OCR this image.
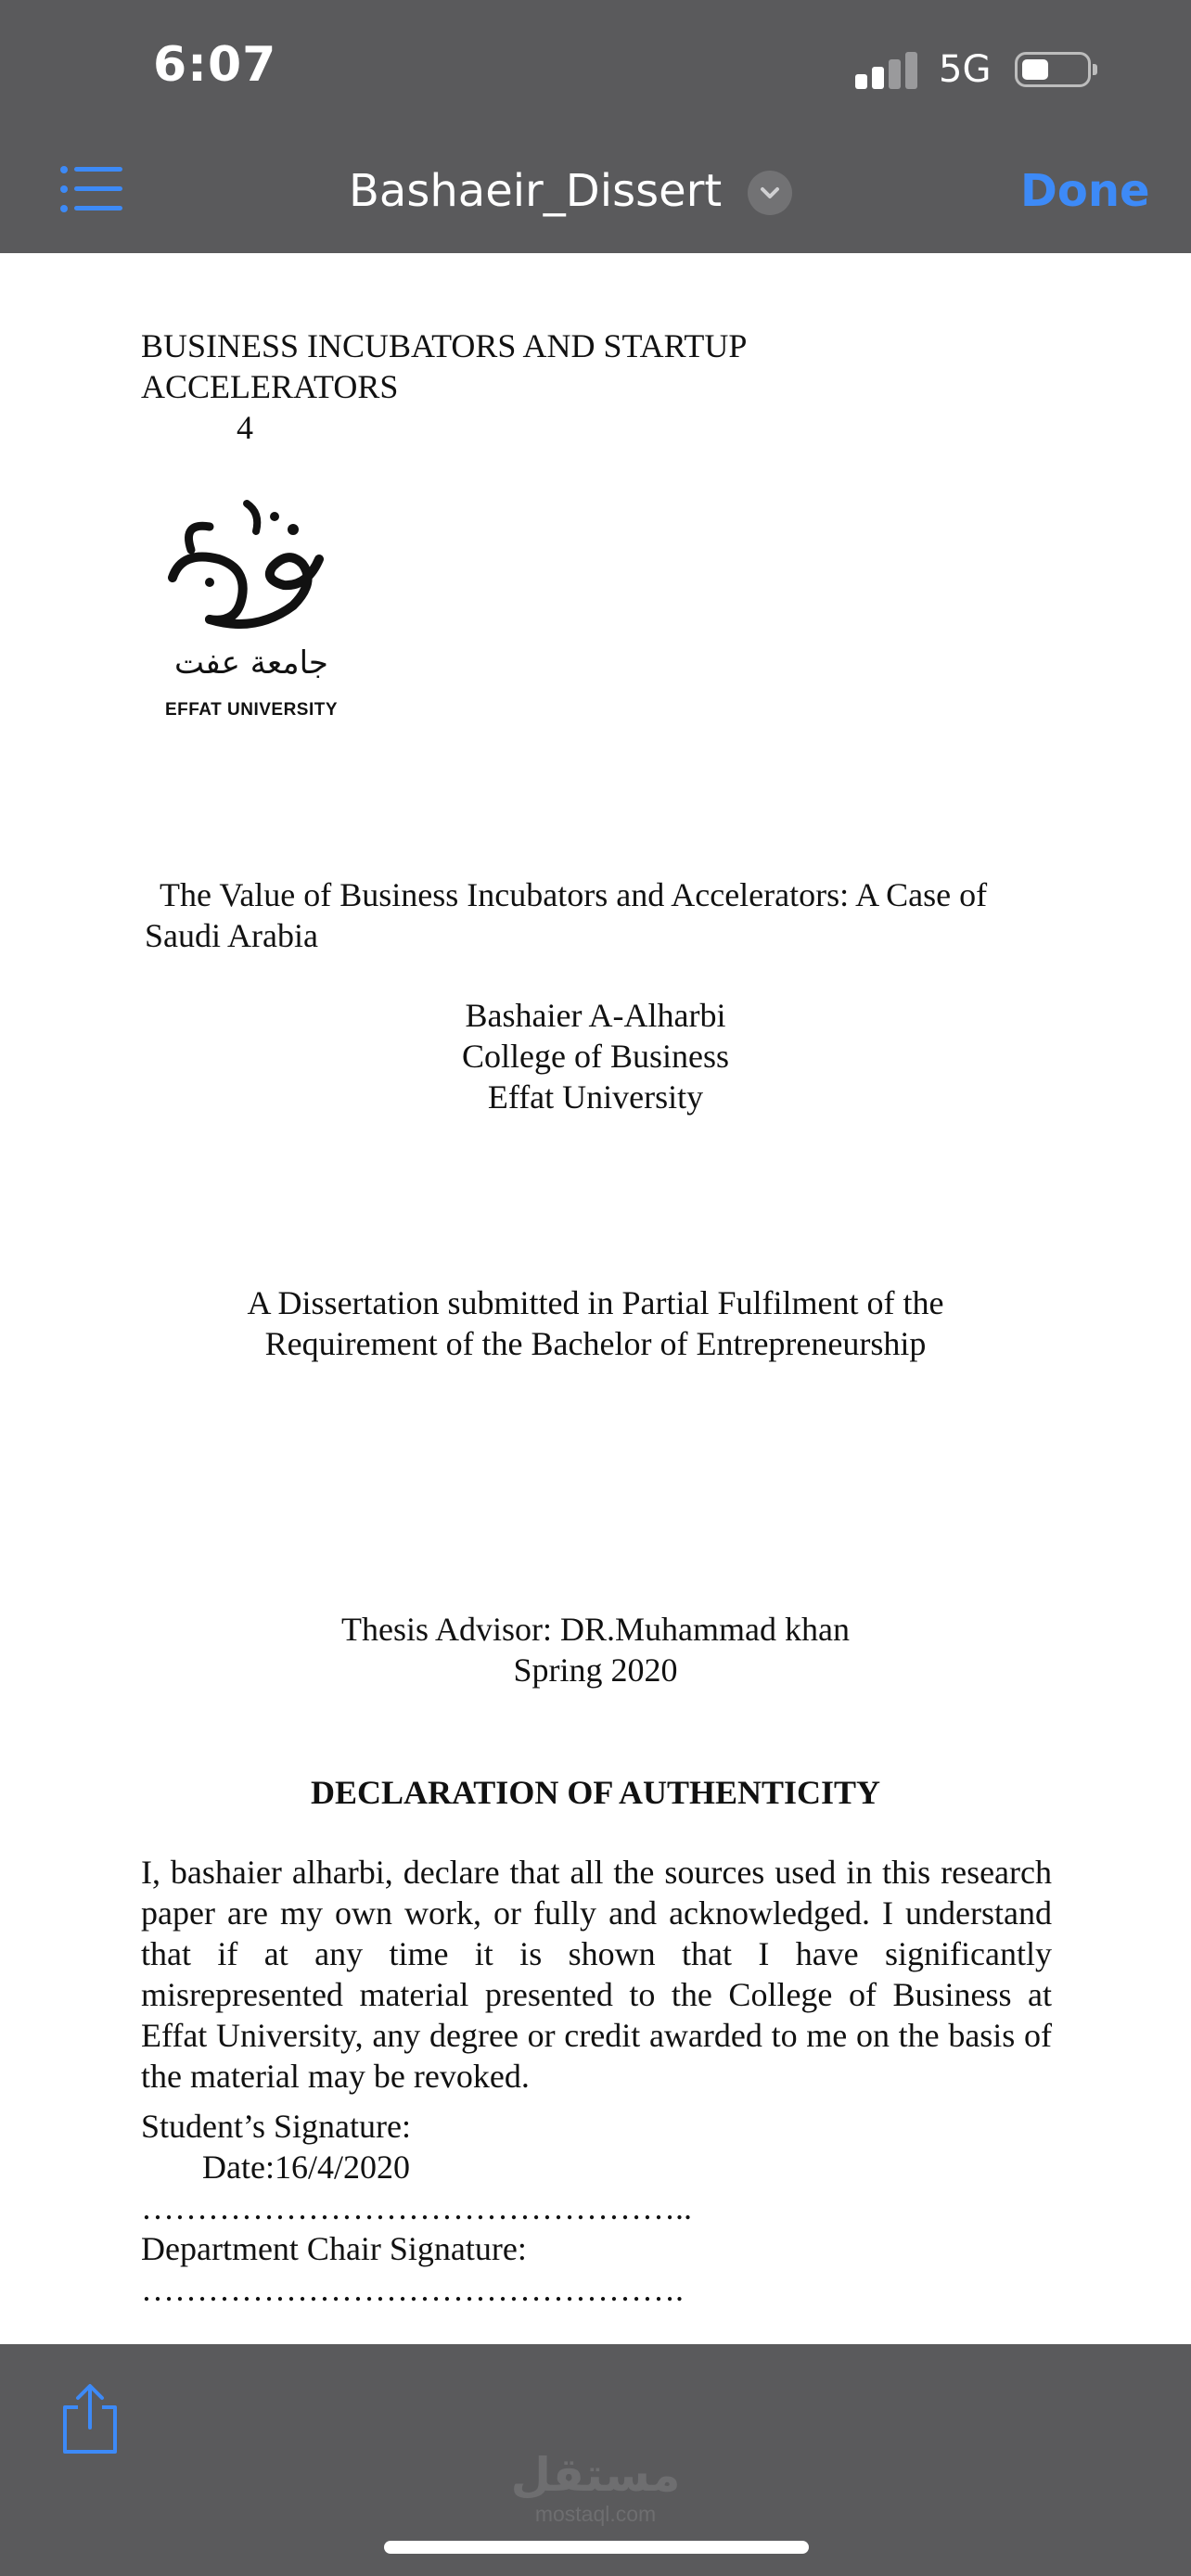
6:07	5G
Bashaeir_Dissert	Done
BUSINESS INCUBATORS AND STARTUP
ACCELERATORS
4
جامعة عفت
EFFAT UNIVERSITY
The Value of Business Incubators and Accelerators: A Case of
Saudi Arabia
Bashaier A-Alharbi
College of Business
Effat University
A Dissertation submitted in Partial Fulfilment of the
Requirement of the Bachelor of Entrepreneurship
Thesis Advisor: DR.Muhammad khan
Spring 2020
DECLARATION OF AUTHENTICITY
I, bashaier alharbi, declare that all the sources used in this research paper are my own work, or fully and acknowledged. I understand that if at any time it is shown that I have significantly misrepresented material presented to the College of Business at Effat University, any degree or credit awarded to me on the basis of the material may be revoked.
Student’s Signature:
Date:16/4/2020
…………………………………………..
Department Chair Signature:
………………………………………….
مستقل
mostaql.com
